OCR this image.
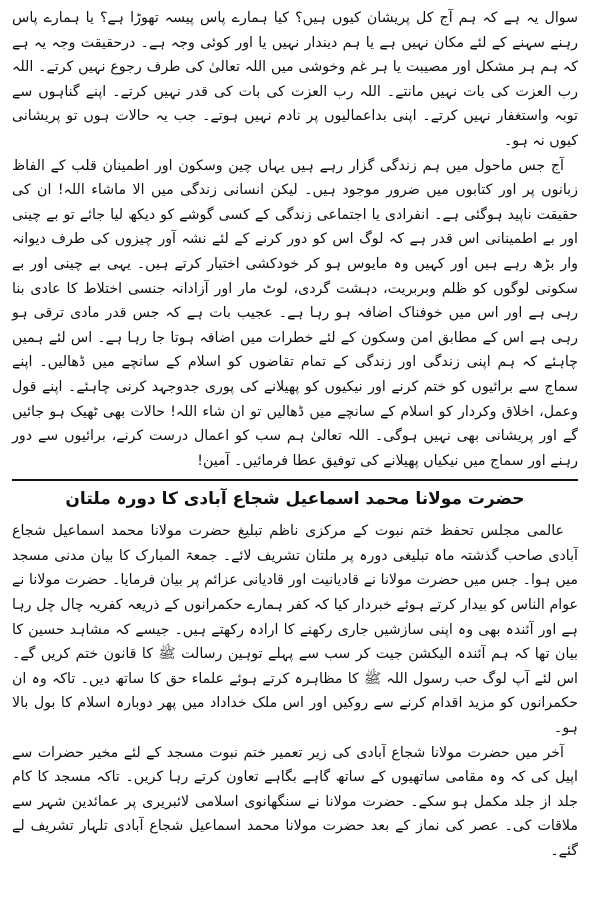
سوال یہ ہے کہ ہم آج کل پریشان کیوں ہیں؟ کیا ہمارے پاس پیسہ تھوڑا ہے؟ یا ہمارے پاس رہنے سہنے کے لئے مکان نہیں ہے یا ہم دیندار نہیں یا اور کوئی وجہ ہے۔ درحقیقت وجہ یہ ہے کہ ہم ہر مشکل اور مصیبت یا ہر غم وخوشی میں اللہ تعالیٰ کی طرف رجوع نہیں کرتے۔ اللہ رب العزت کی بات نہیں مانتے۔ اللہ رب العزت کی بات کی قدر نہیں کرتے۔ اپنے گناہوں سے توبہ واستغفار نہیں کرتے۔ اپنی بداعمالیوں پر نادم نہیں ہوتے۔ جب یہ حالات ہوں تو پریشانی کیوں نہ ہو۔

آج جس ماحول میں ہم زندگی گزار رہے ہیں یہاں چین وسکون اور اطمینان قلب کے الفاظ زبانوں پر اور کتابوں میں ضرور موجود ہیں۔ لیکن انسانی زندگی میں الا ماشاء اللہ! ان کی حقیقت ناپید ہوگئی ہے۔ انفرادی یا اجتماعی زندگی کے کسی گوشے کو دیکھ لیا جائے تو بے چینی اور بے اطمینانی اس قدر ہے کہ لوگ اس کو دور کرنے کے لئے نشہ آور چیزوں کی طرف دیوانہ وار بڑھ رہے ہیں اور کہیں وہ مایوس ہو کر خودکشی اختیار کرتے ہیں۔ یہی بے چینی اور بے سکونی لوگوں کو ظلم وبربریت، دہشت گردی، لوٹ مار اور آزادانہ جنسی اختلاط کا عادی بنا رہی ہے اور اس میں خوفناک اضافہ ہو رہا ہے۔ عجیب بات ہے کہ جس قدر مادی ترقی ہو رہی ہے اس کے مطابق امن وسکون کے لئے خطرات میں اضافہ ہوتا جا رہا ہے۔ اس لئے ہمیں چاہئے کہ ہم اپنی زندگی اور زندگی کے تمام تقاضوں کو اسلام کے سانچے میں ڈھالیں۔ اپنے سماج سے برائیوں کو ختم کرنے اور نیکیوں کو پھیلانے کی پوری جدوجہد کرنی چاہئے۔ اپنے قول وعمل، اخلاق وکردار کو اسلام کے سانچے میں ڈھالیں تو ان شاء اللہ! حالات بھی ٹھیک ہو جائیں گے اور پریشانی بھی نہیں ہوگی۔ اللہ تعالیٰ ہم سب کو اعمال درست کرنے، برائیوں سے دور رہنے اور سماج میں نیکیاں پھیلانے کی توفیق عطا فرمائیں۔ آمین!

حضرت مولانا محمد اسماعیل شجاع آبادی کا دورہ ملتان

عالمی مجلس تحفظ ختم نبوت کے مرکزی ناظم تبلیغ حضرت مولانا محمد اسماعیل شجاع آبادی صاحب گذشتہ ماہ تبلیغی دورہ پر ملتان تشریف لائے۔ جمعۃ المبارک کا بیان مدنی مسجد میں ہوا۔ جس میں حضرت مولانا نے قادیانیت اور قادیانی عزائم پر بیان فرمایا۔ حضرت مولانا نے عوام الناس کو بیدار کرتے ہوئے خبردار کیا کہ کفر ہمارے حکمرانوں کے ذریعہ کفریہ چال چل رہا ہے اور آئندہ بھی وہ اپنی سازشیں جاری رکھنے کا ارادہ رکھتے ہیں۔ جیسے کہ مشاہد حسین کا بیان تھا کہ ہم آئندہ الیکشن جیت کر سب سے پہلے توہین رسالت ﷺ کا قانون ختم کریں گے۔ اس لئے آپ لوگ حب رسول اللہ ﷺ کا مظاہرہ کرتے ہوئے علماء حق کا ساتھ دیں۔ تاکہ وہ ان حکمرانوں کو مزید اقدام کرنے سے روکیں اور اس ملک خداداد میں پھر دوبارہ اسلام کا بول بالا ہو۔

آخر میں حضرت مولانا شجاع آبادی کی زیر تعمیر ختم نبوت مسجد کے لئے مخیر حضرات سے اپیل کی کہ وہ مقامی ساتھیوں کے ساتھ گاہے بگاہے تعاون کرتے رہا کریں۔ تاکہ مسجد کا کام جلد از جلد مکمل ہو سکے۔ حضرت مولانا نے سنگھانوی اسلامی لائبریری پر عمائدین شہر سے ملاقات کی۔ عصر کی نماز کے بعد حضرت مولانا محمد اسماعیل شجاع آبادی تلہار تشریف لے گئے۔
